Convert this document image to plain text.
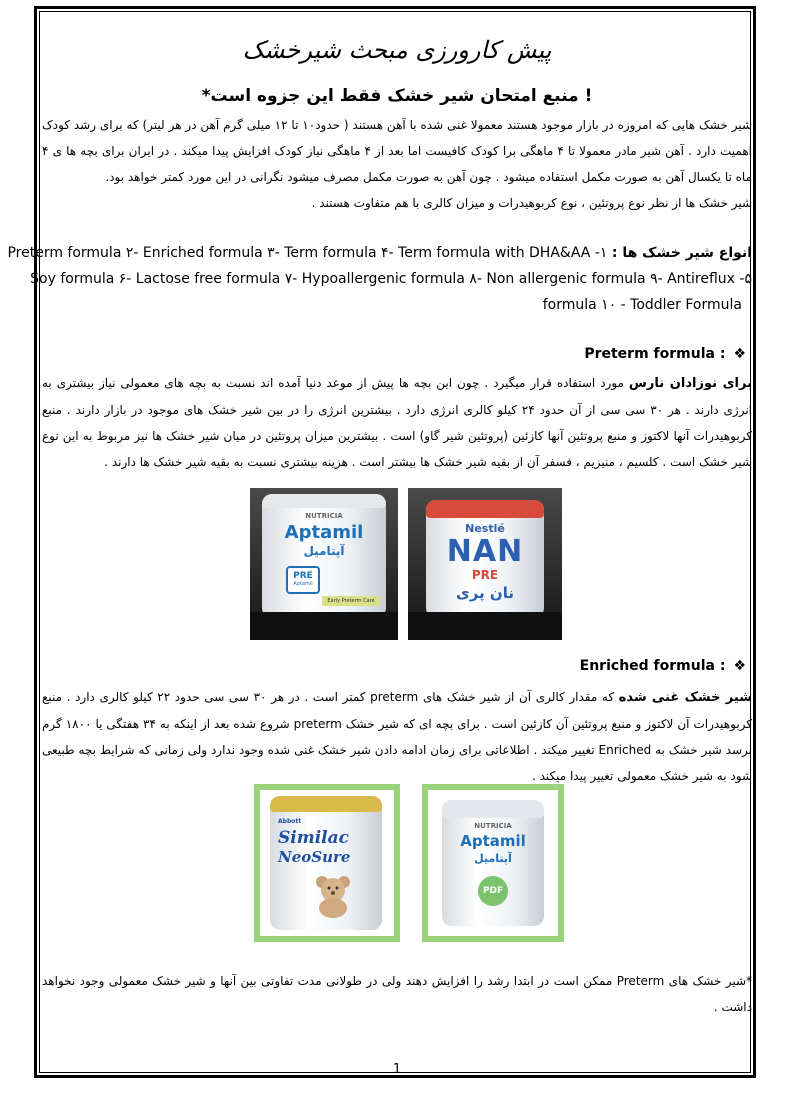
پیش کارورزی مبحث شیرخشک
*منبع امتحان شیر خشک فقط این جزوه است !
شیر خشک هایی که امروزه در بازار موجود هستند معمولا غنی شده با آهن هستند ( حدود۱۰ تا ۱۲ میلی گرم آهن در هر لیتر) که برای رشد کودک اهمیت دارد . آهن شیر مادر معمولا تا ۴ ماهگی برا کودک کافیست اما بعد از ۴ ماهگی نیاز کودک افزایش پیدا میکند . در ایران برای بچه ها ی ۴ ماه تا یکسال آهن به صورت مکمل استفاده میشود . چون آهن به صورت مکمل مصرف میشود نگرانی در این مورد کمتر خواهد بود.
شیر خشک ها از نظر نوع پروتئین ، نوع کربوهیدرات و میزان کالری با هم متفاوت هستند .
انواع شیر خشک ها : ۱- Preterm formula ۲- Enriched formula ۳- Term formula ۴- Term formula with DHA&AA
۵- Soy formula ۶- Lactose free formula ۷- Hypoallergenic formula ۸- Non allergenic formula ۹- Antireflux
formula ۱۰ - Toddler Formula
❖
Preterm formula :
برای نوزادان نارس مورد استفاده قرار میگیرد . چون این بچه ها پیش از موعد دنیا آمده اند نسبت به بچه های معمولی نیاز بیشتری به انرژی دارند . هر ۳۰ سی سی از آن حدود ۲۴ کیلو کالری انرژی دارد . بیشترین انرژی را در بین شیر خشک های موجود در بازار دارند . منبع کربوهیدرات آنها لاکتوز و منبع پروتئین آنها کازئین (پروتئین شیر گاو) است . بیشترین میزان پروتئین در میان شیر خشک ها نیز مربوط به این نوع شیر خشک است . کلسیم ، منیزیم ، فسفر آن از بقیه شیر خشک ها بیشتر است . هزینه بیشتری نسبت به بقیه شیر خشک ها دارند .
Nestlé
NAN
PRE
نان پری
NUTRICIA
Aptamil
آپتامیل
PRE
Aptamil
Early Preterm Care
❖
Enriched formula :
شیر خشک غنی شده که مقدار کالری آن از شیر خشک های preterm کمتر است . در هر ۳۰ سی سی حدود ۲۲ کیلو کالری دارد . منبع کربوهیدرات آن لاکتوز و منبع پروتئین آن کازئین است . برای بچه ای که شیر خشک preterm شروع شده بعد از اینکه به ۳۴ هفتگی یا ۱۸۰۰ گرم برسد شیر خشک به Enriched تغییر میکند . اطلاعاتی برای زمان ادامه دادن شیر خشک غنی شده وجود ندارد ولی زمانی که شرایط بچه طبیعی شود به شیر خشک معمولی تغییر پیدا میکند .
NUTRICIA
Aptamil
آپتامیل
PDF
Abbott
Similac
NeoSure
*شیر خشک های Preterm ممکن است در ابتدا رشد را افزایش دهند ولی در طولانی مدت تفاوتی بین آنها و شیر خشک معمولی وجود نخواهد داشت .
1
